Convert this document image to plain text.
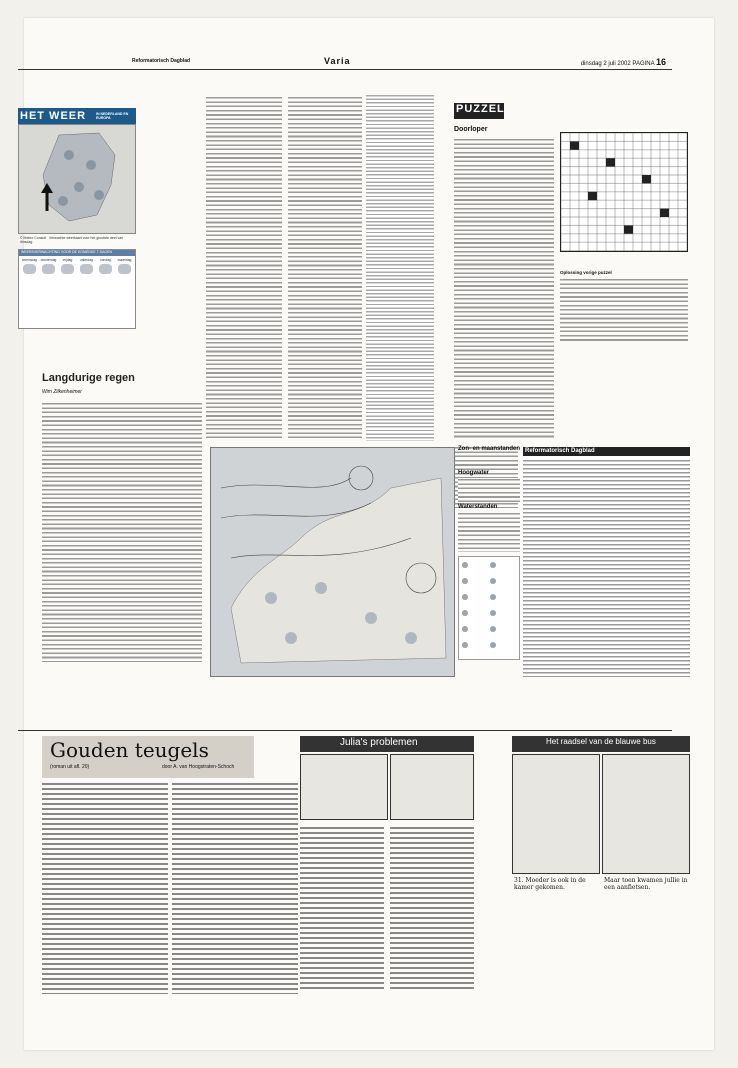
Reformatorisch Dagblad	Varia	dinsdag 2 juli 2002 PAGINA 16
HET WEER	IN NEDERLAND EN EUROPA
© Meteo Consult Verwachte weerkaart voor het grootste deel van dinsdag
WEERSVERWACHTING VOOR DE KOMENDE 7 DAGEN
woensdag	donderdag	vrijdag	zaterdag	zondag	maandag
Langdurige regen
Wim Zilkenheimer
PUZZEL
Doorloper
Oplossing vorige puzzel
Zon- en maanstanden
Hoogwater
Waterstanden
Reformatorisch Dagblad
Gouden teugels
(roman uit afl. 20)	door A. van Hoogstraten-Schoch
Julia's problemen	Het raadsel van de blauwe bus
31. Moeder is ook in de kamer gekomen.
Maar toen kwamen jullie in een aanfietsen.
